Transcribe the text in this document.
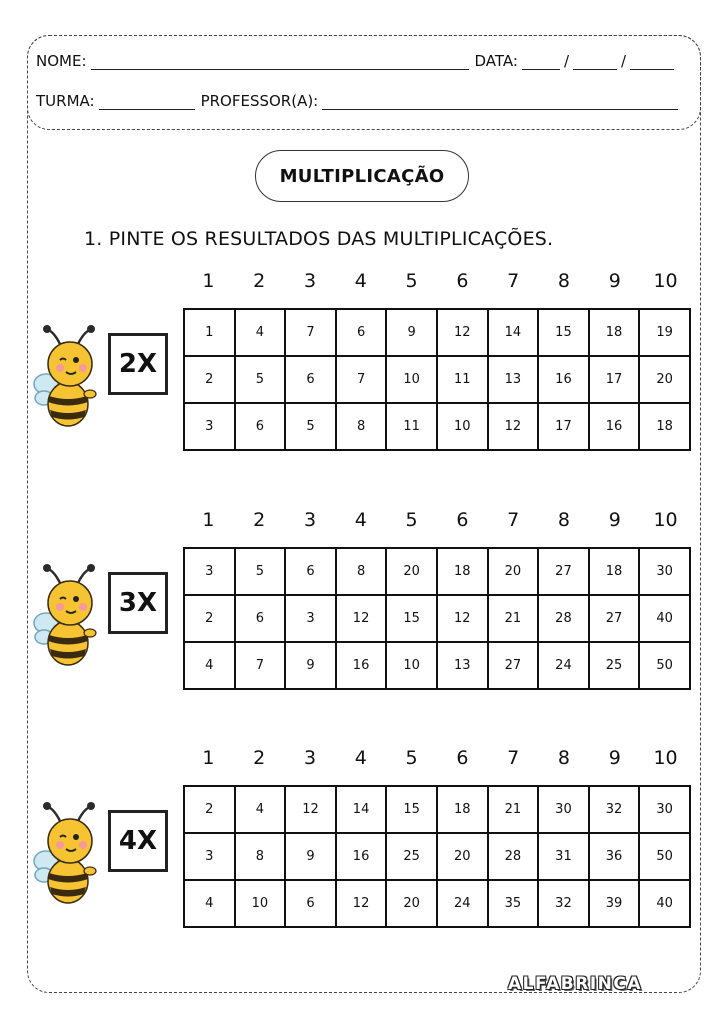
NOME:	DATA:	/	/
TURMA:	PROFESSOR(A):
MULTIPLICAÇÃO
1. PINTE OS RESULTADOS DAS MULTIPLICAÇÕES.
1	2	3	4	5	6	7	8	9	10
2X
1	4	7	6	9	12	14	15	18	19
2	5	6	7	10	11	13	16	17	20
3	6	5	8	11	10	12	17	16	18
1	2	3	4	5	6	7	8	9	10
3X
3	5	6	8	20	18	20	27	18	30
2	6	3	12	15	12	21	28	27	40
4	7	9	16	10	13	27	24	25	50
1	2	3	4	5	6	7	8	9	10
4X
2	4	12	14	15	18	21	30	32	30
3	8	9	16	25	20	28	31	36	50
4	10	6	12	20	24	35	32	39	40
ALFABRINCA
